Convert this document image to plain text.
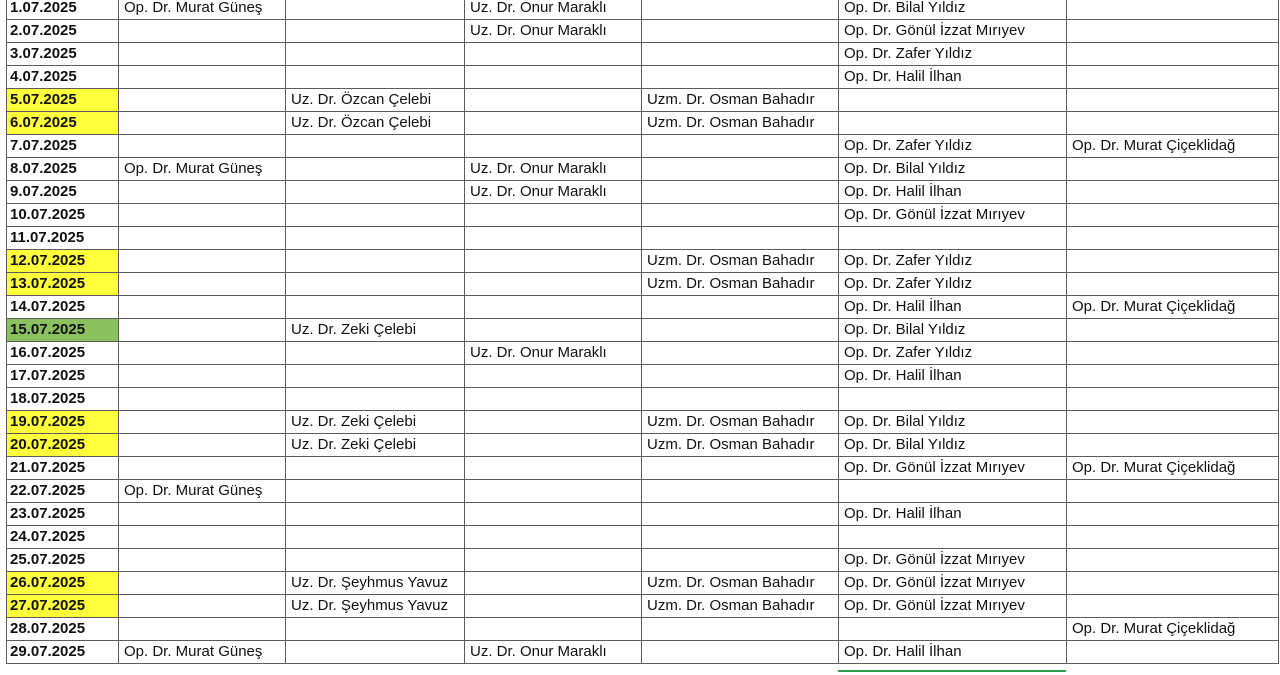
1.07.2025	Op. Dr. Murat Güneş		Uz. Dr. Onur Maraklı		Op. Dr. Bilal Yıldız	
2.07.2025			Uz. Dr. Onur Maraklı		Op. Dr. Gönül İzzat Mırıyev	
3.07.2025					Op. Dr. Zafer Yıldız	
4.07.2025					Op. Dr. Halil İlhan	
5.07.2025		Uz. Dr. Özcan Çelebi		Uzm. Dr. Osman Bahadır		
6.07.2025		Uz. Dr. Özcan Çelebi		Uzm. Dr. Osman Bahadır		
7.07.2025					Op. Dr. Zafer Yıldız	Op. Dr. Murat Çiçeklidağ
8.07.2025	Op. Dr. Murat Güneş		Uz. Dr. Onur Maraklı		Op. Dr. Bilal Yıldız	
9.07.2025			Uz. Dr. Onur Maraklı		Op. Dr. Halil İlhan	
10.07.2025					Op. Dr. Gönül İzzat Mırıyev	
11.07.2025						
12.07.2025				Uzm. Dr. Osman Bahadır	Op. Dr. Zafer Yıldız	
13.07.2025				Uzm. Dr. Osman Bahadır	Op. Dr. Zafer Yıldız	
14.07.2025					Op. Dr. Halil İlhan	Op. Dr. Murat Çiçeklidağ
15.07.2025		Uz. Dr. Zeki Çelebi			Op. Dr. Bilal Yıldız	
16.07.2025			Uz. Dr. Onur Maraklı		Op. Dr. Zafer Yıldız	
17.07.2025					Op. Dr. Halil İlhan	
18.07.2025						
19.07.2025		Uz. Dr. Zeki Çelebi		Uzm. Dr. Osman Bahadır	Op. Dr. Bilal Yıldız	
20.07.2025		Uz. Dr. Zeki Çelebi		Uzm. Dr. Osman Bahadır	Op. Dr. Bilal Yıldız	
21.07.2025					Op. Dr. Gönül İzzat Mırıyev	Op. Dr. Murat Çiçeklidağ
22.07.2025	Op. Dr. Murat Güneş					
23.07.2025					Op. Dr. Halil İlhan	
24.07.2025						
25.07.2025					Op. Dr. Gönül İzzat Mırıyev	
26.07.2025		Uz. Dr. Şeyhmus Yavuz		Uzm. Dr. Osman Bahadır	Op. Dr. Gönül İzzat Mırıyev	
27.07.2025		Uz. Dr. Şeyhmus Yavuz		Uzm. Dr. Osman Bahadır	Op. Dr. Gönül İzzat Mırıyev	
28.07.2025						Op. Dr. Murat Çiçeklidağ
29.07.2025	Op. Dr. Murat Güneş		Uz. Dr. Onur Maraklı		Op. Dr. Halil İlhan	
